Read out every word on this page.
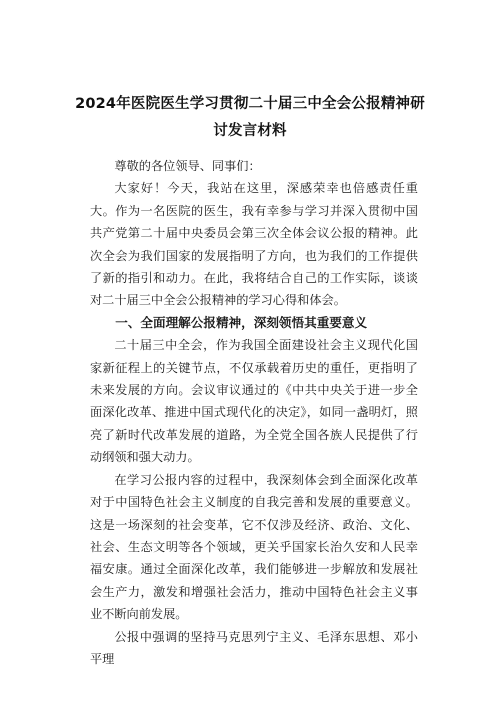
2024年医院医生学习贯彻二十届三中全会公报精神研
讨发言材料

尊敬的各位领导、同事们：

大家好！今天，我站在这里，深感荣幸也倍感责任重大。作为一名医院的医生，我有幸参与学习并深入贯彻中国共产党第二十届中央委员会第三次全体会议公报的精神。此次全会为我们国家的发展指明了方向，也为我们的工作提供了新的指引和动力。在此，我将结合自己的工作实际，谈谈对二十届三中全会公报精神的学习心得和体会。

一、全面理解公报精神，深刻领悟其重要意义

二十届三中全会，作为我国全面建设社会主义现代化国家新征程上的关键节点，不仅承载着历史的重任，更指明了未来发展的方向。会议审议通过的《中共中央关于进一步全面深化改革、推进中国式现代化的决定》，如同一盏明灯，照亮了新时代改革发展的道路，为全党全国各族人民提供了行动纲领和强大动力。

在学习公报内容的过程中，我深刻体会到全面深化改革对于中国特色社会主义制度的自我完善和发展的重要意义。这是一场深刻的社会变革，它不仅涉及经济、政治、文化、社会、生态文明等各个领域，更关乎国家长治久安和人民幸福安康。通过全面深化改革，我们能够进一步解放和发展社会生产力，激发和增强社会活力，推动中国特色社会主义事业不断向前发展。

公报中强调的坚持马克思列宁主义、毛泽东思想、邓小平理
